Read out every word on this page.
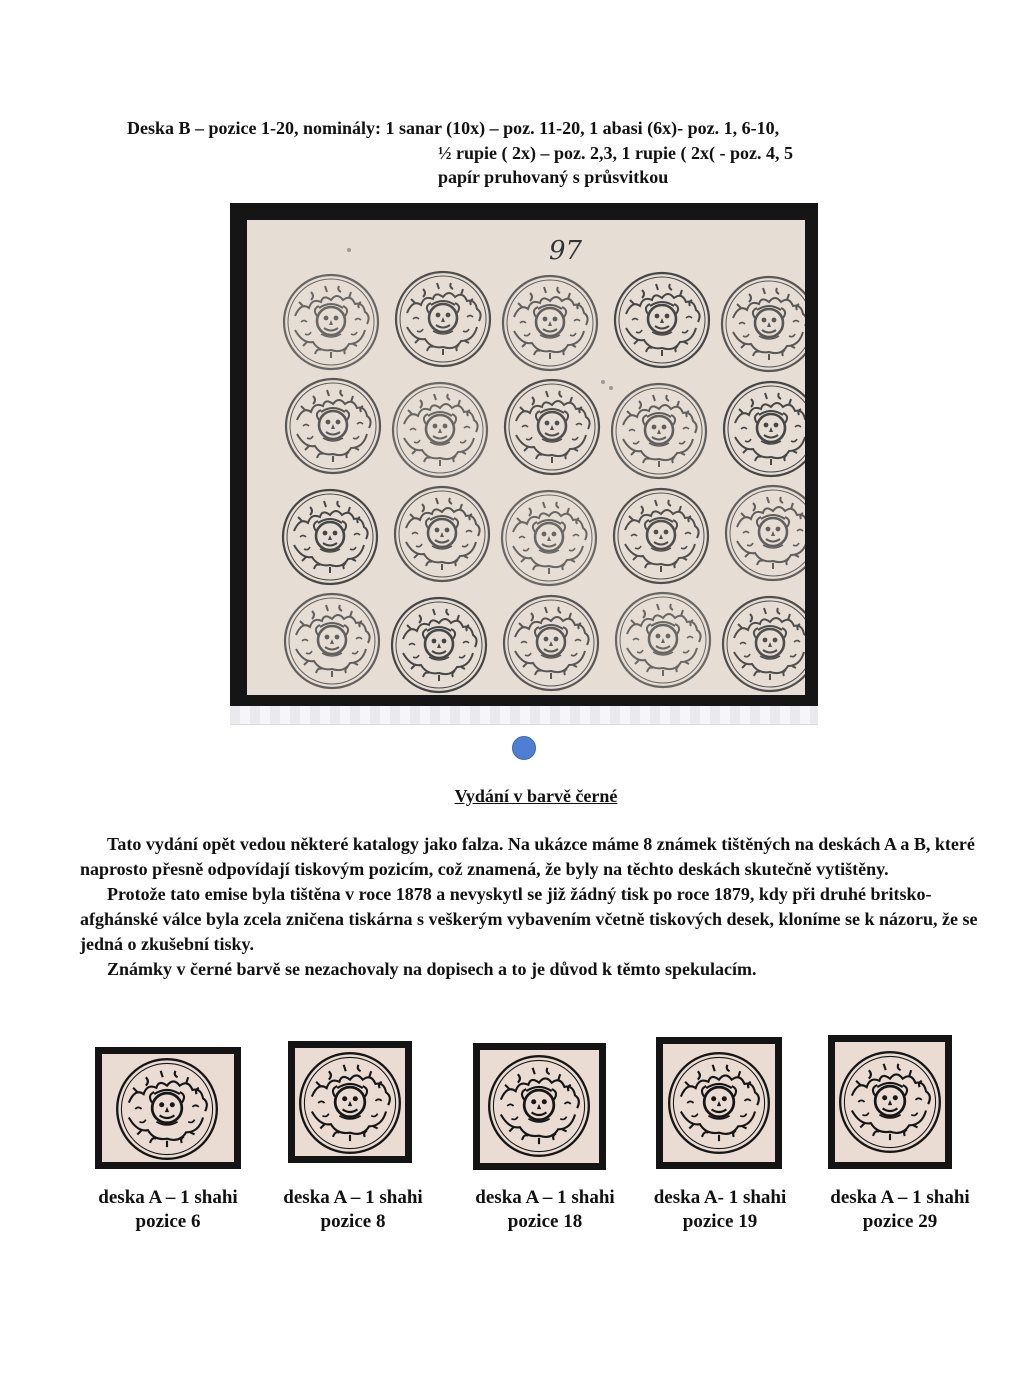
Deska B – pozice 1-20, nominály: 1 sanar (10x) – poz. 11-20, 1 abasi (6x)- poz. 1, 6-10,
½ rupie ( 2x) – poz. 2,3, 1 rupie ( 2x( - poz. 4, 5
papír pruhovaný s průsvitkou
97
Vydání v barvě černé

Tato vydání opět vedou některé katalogy jako falza. Na ukázce máme 8 známek tištěných na deskách A a B, které naprosto přesně odpovídají tiskovým pozicím, což znamená, že byly na těchto deskách skutečně vytištěny.

Protože tato emise byla tištěna v roce 1878 a nevyskytl se již žádný tisk po roce 1879, kdy při druhé britsko-afghánské válce byla zcela zničena tiskárna s veškerým vybavením včetně tiskových desek, kloníme se k názoru, že se jedná o zkušební tisky.

Známky v černé barvě se nezachovaly na dopisech a to je důvod k těmto spekulacím.

deska A – 1 shahi
pozice 6
deska A – 1 shahi
pozice 8
deska A – 1 shahi
pozice 18
deska A- 1 shahi
pozice 19
deska A – 1 shahi
pozice 29
